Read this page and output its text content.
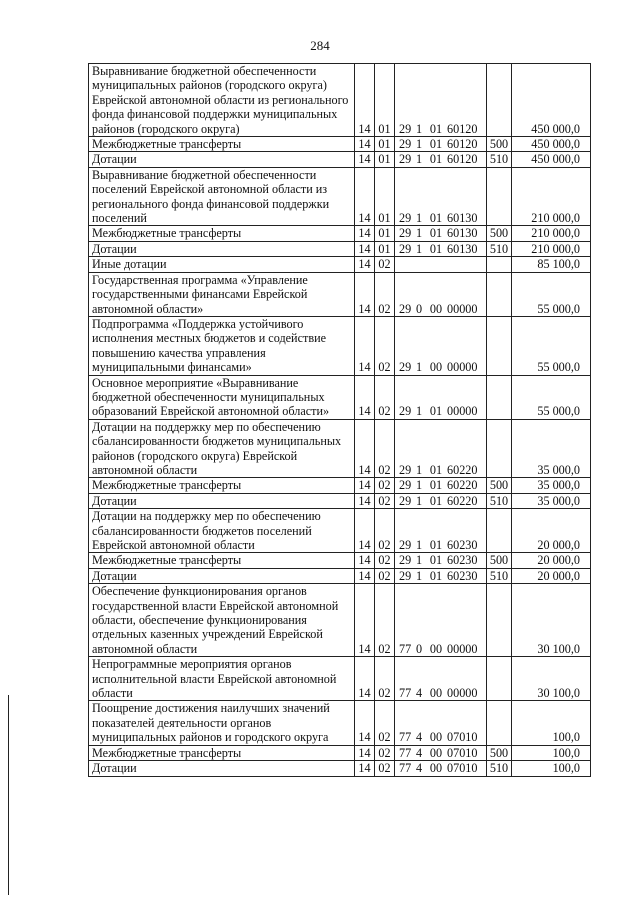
284
Выравнивание бюджетной обеспеченности муниципальных районов (городского округа) Еврейской автономной области из регионального фонда финансовой поддержки муниципальных районов (городского округа)	14	01	29 1 01 60120		450 000,0
Межбюджетные трансферты	14	01	29 1 01 60120	500	450 000,0
Дотации	14	01	29 1 01 60120	510	450 000,0
Выравнивание бюджетной обеспеченности поселений Еврейской автономной области из регионального фонда финансовой поддержки поселений	14	01	29 1 01 60130		210 000,0
Межбюджетные трансферты	14	01	29 1 01 60130	500	210 000,0
Дотации	14	01	29 1 01 60130	510	210 000,0
Иные дотации	14	02			85 100,0
Государственная программа «Управление государственными финансами Еврейской автономной области»	14	02	29 0 00 00000		55 000,0
Подпрограмма «Поддержка устойчивого исполнения местных бюджетов и содействие повышению качества управления муниципальными финансами»	14	02	29 1 00 00000		55 000,0
Основное мероприятие «Выравнивание бюджетной обеспеченности муниципальных образований Еврейской автономной области»	14	02	29 1 01 00000		55 000,0
Дотации на поддержку мер по обеспечению сбалансированности бюджетов муниципальных районов (городского округа) Еврейской автономной области	14	02	29 1 01 60220		35 000,0
Межбюджетные трансферты	14	02	29 1 01 60220	500	35 000,0
Дотации	14	02	29 1 01 60220	510	35 000,0
Дотации на поддержку мер по обеспечению сбалансированности бюджетов поселений Еврейской автономной области	14	02	29 1 01 60230		20 000,0
Межбюджетные трансферты	14	02	29 1 01 60230	500	20 000,0
Дотации	14	02	29 1 01 60230	510	20 000,0
Обеспечение функционирования органов государственной власти Еврейской автономной области, обеспечение функционирования отдельных казенных учреждений Еврейской автономной области	14	02	77 0 00 00000		30 100,0
Непрограммные мероприятия органов исполнительной власти Еврейской автономной области	14	02	77 4 00 00000		30 100,0
Поощрение достижения наилучших значений показателей деятельности органов муниципальных районов и городского округа	14	02	77 4 00 07010		100,0
Межбюджетные трансферты	14	02	77 4 00 07010	500	100,0
Дотации	14	02	77 4 00 07010	510	100,0
